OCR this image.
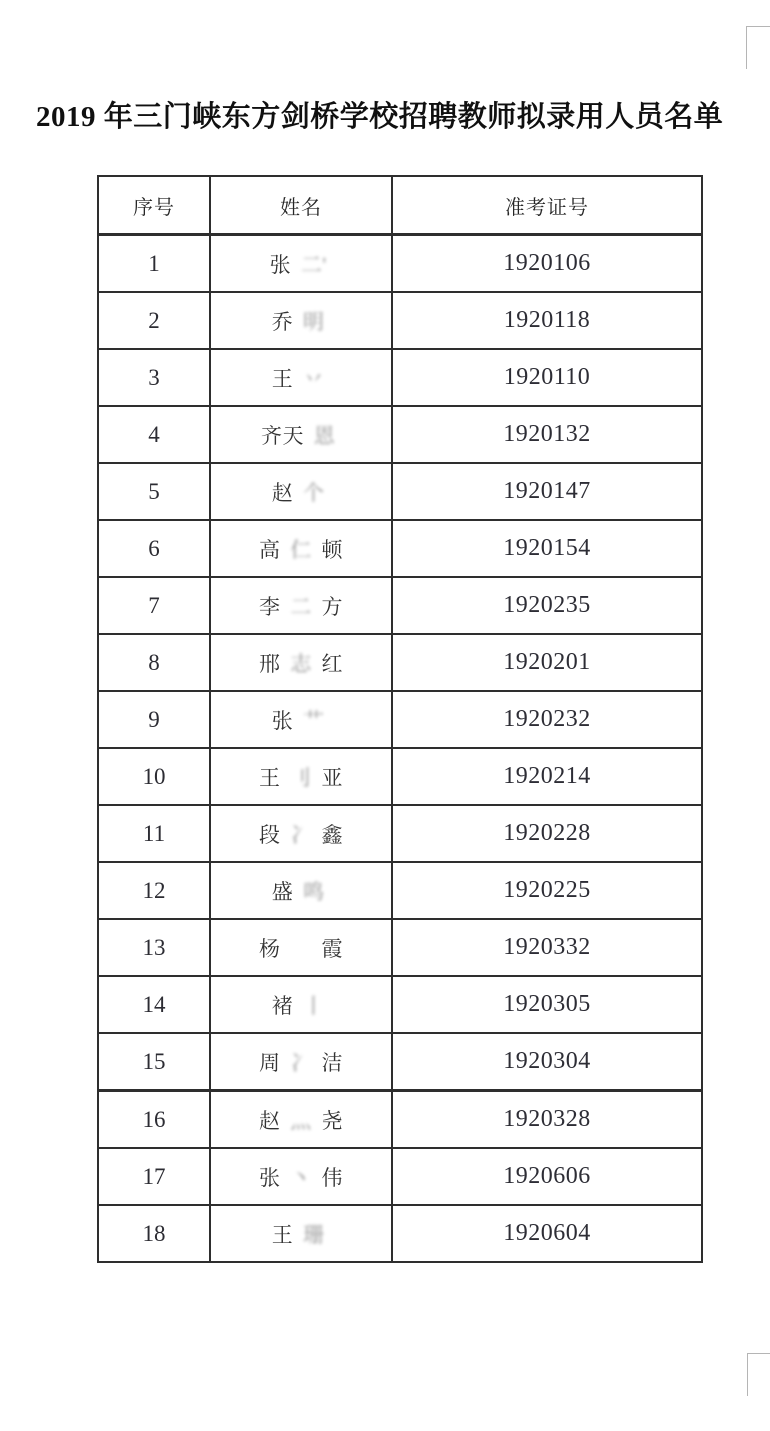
2019 年三门峡东方剑桥学校招聘教师拟录用人员名单
序号	姓名	准考证号
1	张 二'	1920106
2	乔 明	1920118
3	王 丷	1920110
4	齐天 恩	1920132
5	赵 个	1920147
6	高 仁 顿	1920154
7	李 二 方	1920235
8	邢 志 红	1920201
9	张 艹	1920232
10	王 刂 亚	1920214
11	段 冫 鑫	1920228
12	盛 鸣	1920225
13	杨 　 霞	1920332
14	褚 丨	1920305
15	周 冫 洁	1920304
16	赵 灬 尧	1920328
17	张 丶 伟	1920606
18	王 珊	1920604
